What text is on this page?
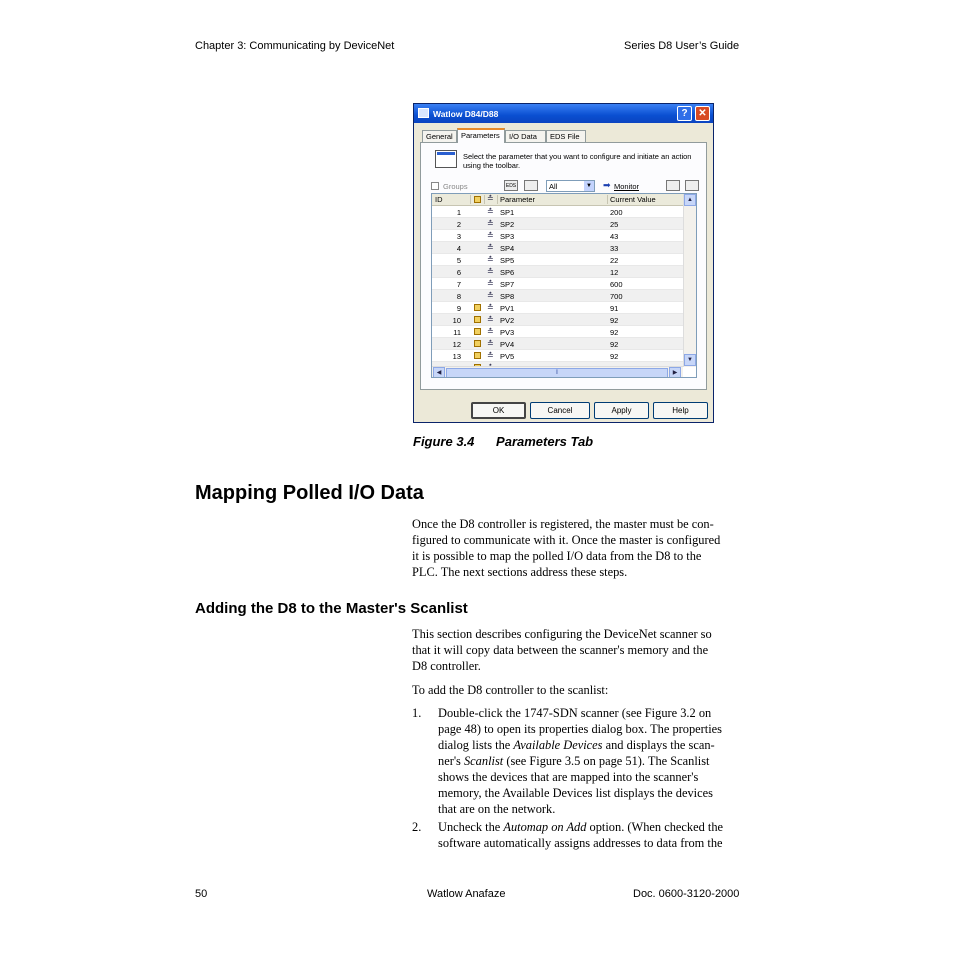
Chapter 3: Communicating by DeviceNet	Series D8 User’s Guide
Watlow D84/D88	?	✕
General	Parameters	I/O Data	EDS File
Select the parameter that you want to configure and initiate an action using the toolbar.
Groups	EDS	All	▼ ➡ Monitor
ID	≛ Parameter	Current Value
1	≛ SP1	200
2	≛ SP2	25
3	≛ SP3	43
4	≛ SP4	33
5	≛ SP5	22
6	≛ SP6	12
7	≛ SP7	600
8	≛ SP8	700
9	≛ PV1	91
10	≛ PV2	92
11	≛ PV3	92
12	≛ PV4	92
13	≛ PV5	92
▲
▼
◀	⦀	▶
OK	Cancel	Apply	Help
Figure 3.4 Parameters Tab
Mapping Polled I/O Data
Once the D8 controller is registered, the master must be con-
figured to communicate with it. Once the master is configured
it is possible to map the polled I/O data from the D8 to the
PLC. The next sections address these steps.
Adding the D8 to the Master's Scanlist
This section describes configuring the DeviceNet scanner so
that it will copy data between the scanner's memory and the
D8 controller.
To add the D8 controller to the scanlist:
1. Double-click the 1747-SDN scanner (see Figure 3.2 on
page 48) to open its properties dialog box. The properties
dialog lists the Available Devices and displays the scan-
ner's Scanlist (see Figure 3.5 on page 51). The Scanlist
shows the devices that are mapped into the scanner's
memory, the Available Devices list displays the devices
that are on the network.
2. Uncheck the Automap on Add option. (When checked the
software automatically assigns addresses to data from the
50	Watlow Anafaze	Doc. 0600-3120-2000
